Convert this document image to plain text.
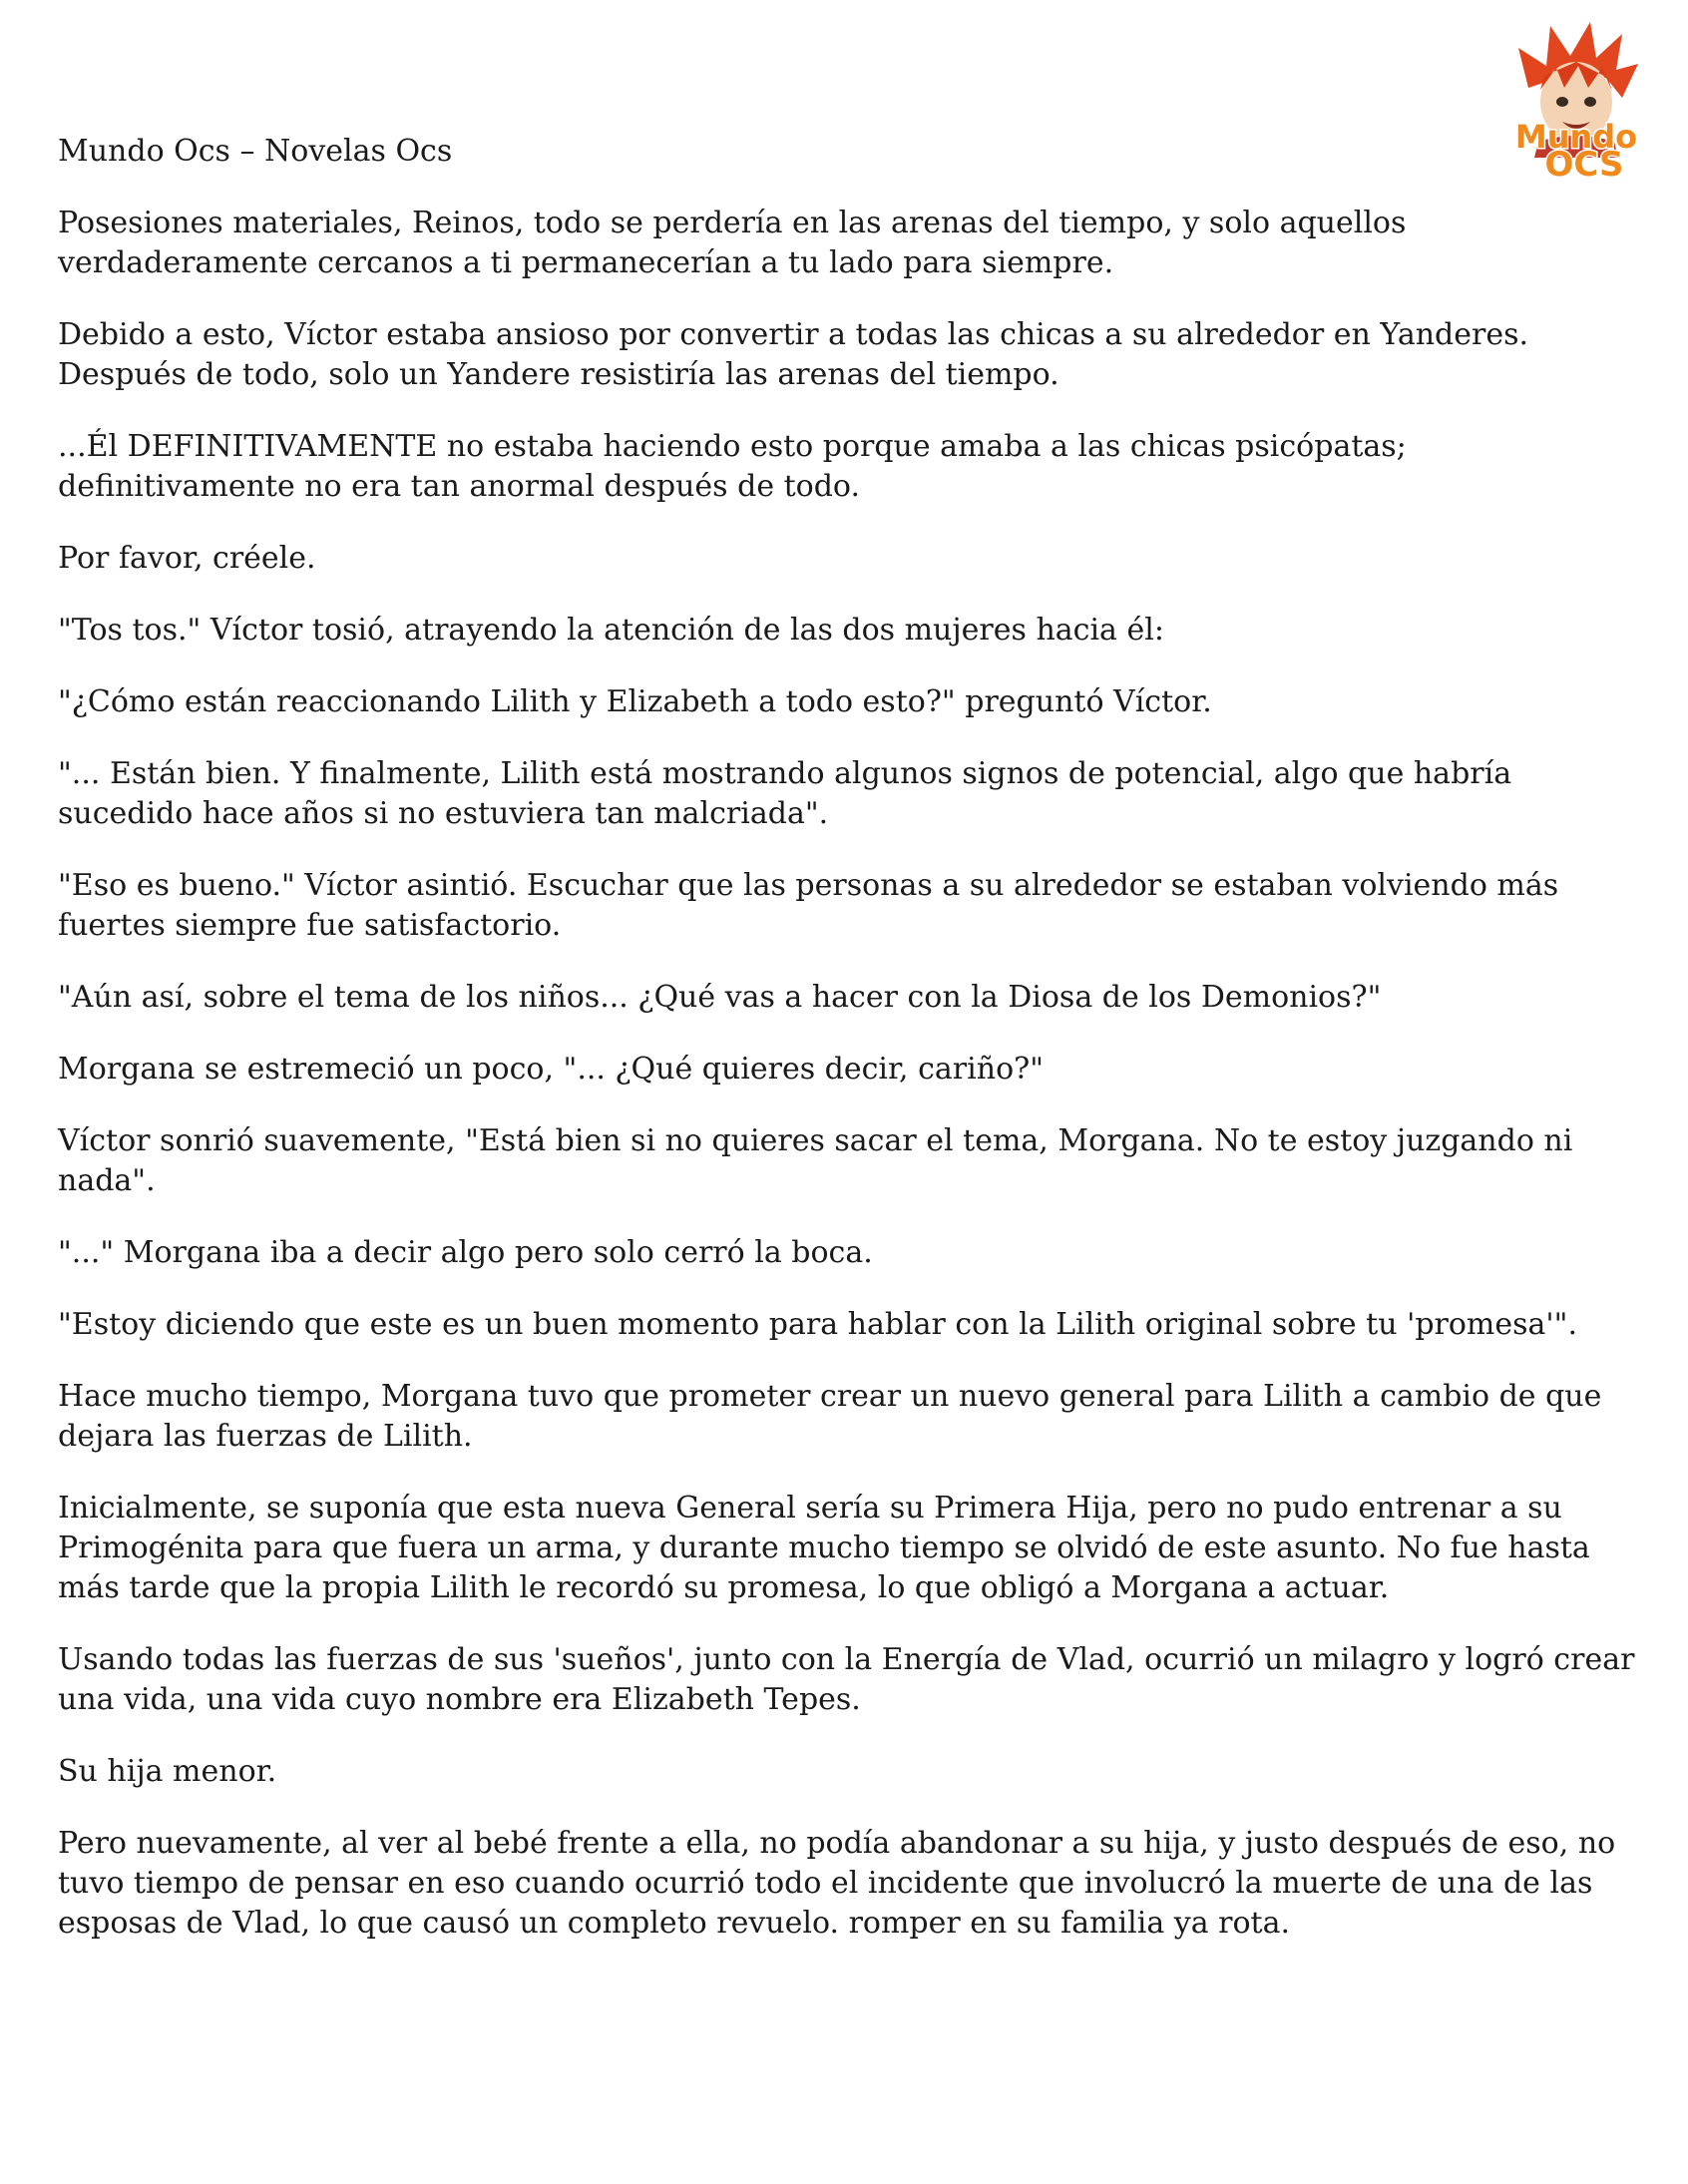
Mundo Ocs – Novelas Ocs	Mundo
OCS

Posesiones materiales, Reinos, todo se perdería en las arenas del tiempo, y solo aquellos verdaderamente cercanos a ti permanecerían a tu lado para siempre.

Debido a esto, Víctor estaba ansioso por convertir a todas las chicas a su alrededor en Yanderes. Después de todo, solo un Yandere resistiría las arenas del tiempo.

...Él DEFINITIVAMENTE no estaba haciendo esto porque amaba a las chicas psicópatas; definitivamente no era tan anormal después de todo.

Por favor, créele.

"Tos tos." Víctor tosió, atrayendo la atención de las dos mujeres hacia él:

"¿Cómo están reaccionando Lilith y Elizabeth a todo esto?" preguntó Víctor.

"... Están bien. Y finalmente, Lilith está mostrando algunos signos de potencial, algo que habría sucedido hace años si no estuviera tan malcriada".

"Eso es bueno." Víctor asintió. Escuchar que las personas a su alrededor se estaban volviendo más fuertes siempre fue satisfactorio.

"Aún así, sobre el tema de los niños... ¿Qué vas a hacer con la Diosa de los Demonios?"

Morgana se estremeció un poco, "... ¿Qué quieres decir, cariño?"

Víctor sonrió suavemente, "Está bien si no quieres sacar el tema, Morgana. No te estoy juzgando ni nada".

"..." Morgana iba a decir algo pero solo cerró la boca.

"Estoy diciendo que este es un buen momento para hablar con la Lilith original sobre tu 'promesa'".

Hace mucho tiempo, Morgana tuvo que prometer crear un nuevo general para Lilith a cambio de que dejara las fuerzas de Lilith.

Inicialmente, se suponía que esta nueva General sería su Primera Hija, pero no pudo entrenar a su Primogénita para que fuera un arma, y durante mucho tiempo se olvidó de este asunto. No fue hasta más tarde que la propia Lilith le recordó su promesa, lo que obligó a Morgana a actuar.

Usando todas las fuerzas de sus 'sueños', junto con la Energía de Vlad, ocurrió un milagro y logró crear una vida, una vida cuyo nombre era Elizabeth Tepes.

Su hija menor.

Pero nuevamente, al ver al bebé frente a ella, no podía abandonar a su hija, y justo después de eso, no tuvo tiempo de pensar en eso cuando ocurrió todo el incidente que involucró la muerte de una de las esposas de Vlad, lo que causó un completo revuelo. romper en su familia ya rota.
